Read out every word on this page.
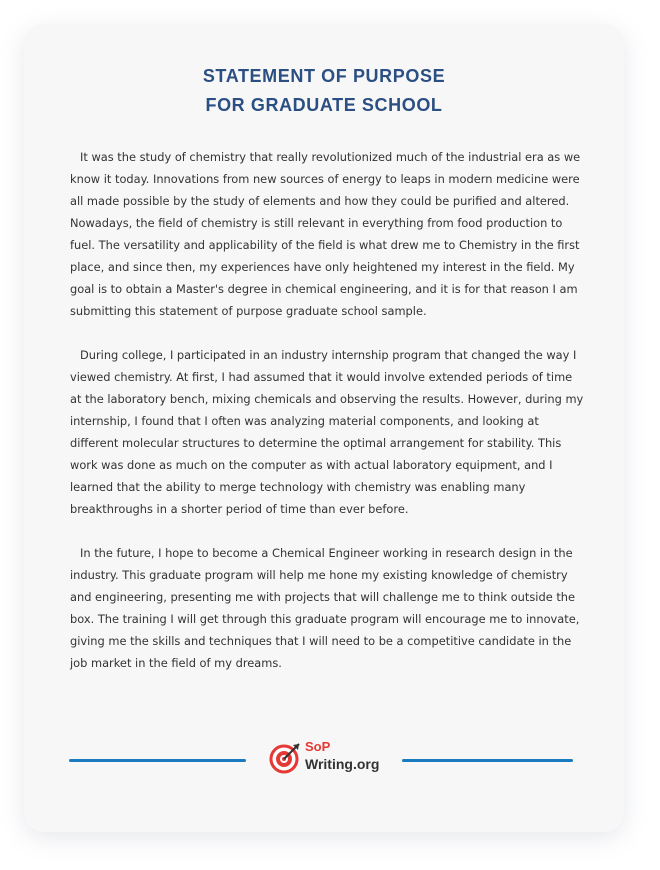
STATEMENT OF PURPOSE
FOR GRADUATE SCHOOL

It was the study of chemistry that really revolutionized much of the industrial era as we know it today. Innovations from new sources of energy to leaps in modern medicine were all made possible by the study of elements and how they could be purified and altered. Nowadays, the field of chemistry is still relevant in everything from food production to fuel. The versatility and applicability of the field is what drew me to Chemistry in the first place, and since then, my experiences have only heightened my interest in the field. My goal is to obtain a Master's degree in chemical engineering, and it is for that reason I am submitting this statement of purpose graduate school sample.

During college, I participated in an industry internship program that changed the way I viewed chemistry. At first, I had assumed that it would involve extended periods of time at the laboratory bench, mixing chemicals and observing the results. However, during my internship, I found that I often was analyzing material components, and looking at different molecular structures to determine the optimal arrangement for stability. This work was done as much on the computer as with actual laboratory equipment, and I learned that the ability to merge technology with chemistry was enabling many breakthroughs in a shorter period of time than ever before.

In the future, I hope to become a Chemical Engineer working in research design in the industry. This graduate program will help me hone my existing knowledge of chemistry and engineering, presenting me with projects that will challenge me to think outside the box. The training I will get through this graduate program will encourage me to innovate, giving me the skills and techniques that I will need to be a competitive candidate in the job market in the field of my dreams.

SoP
Writing.org
